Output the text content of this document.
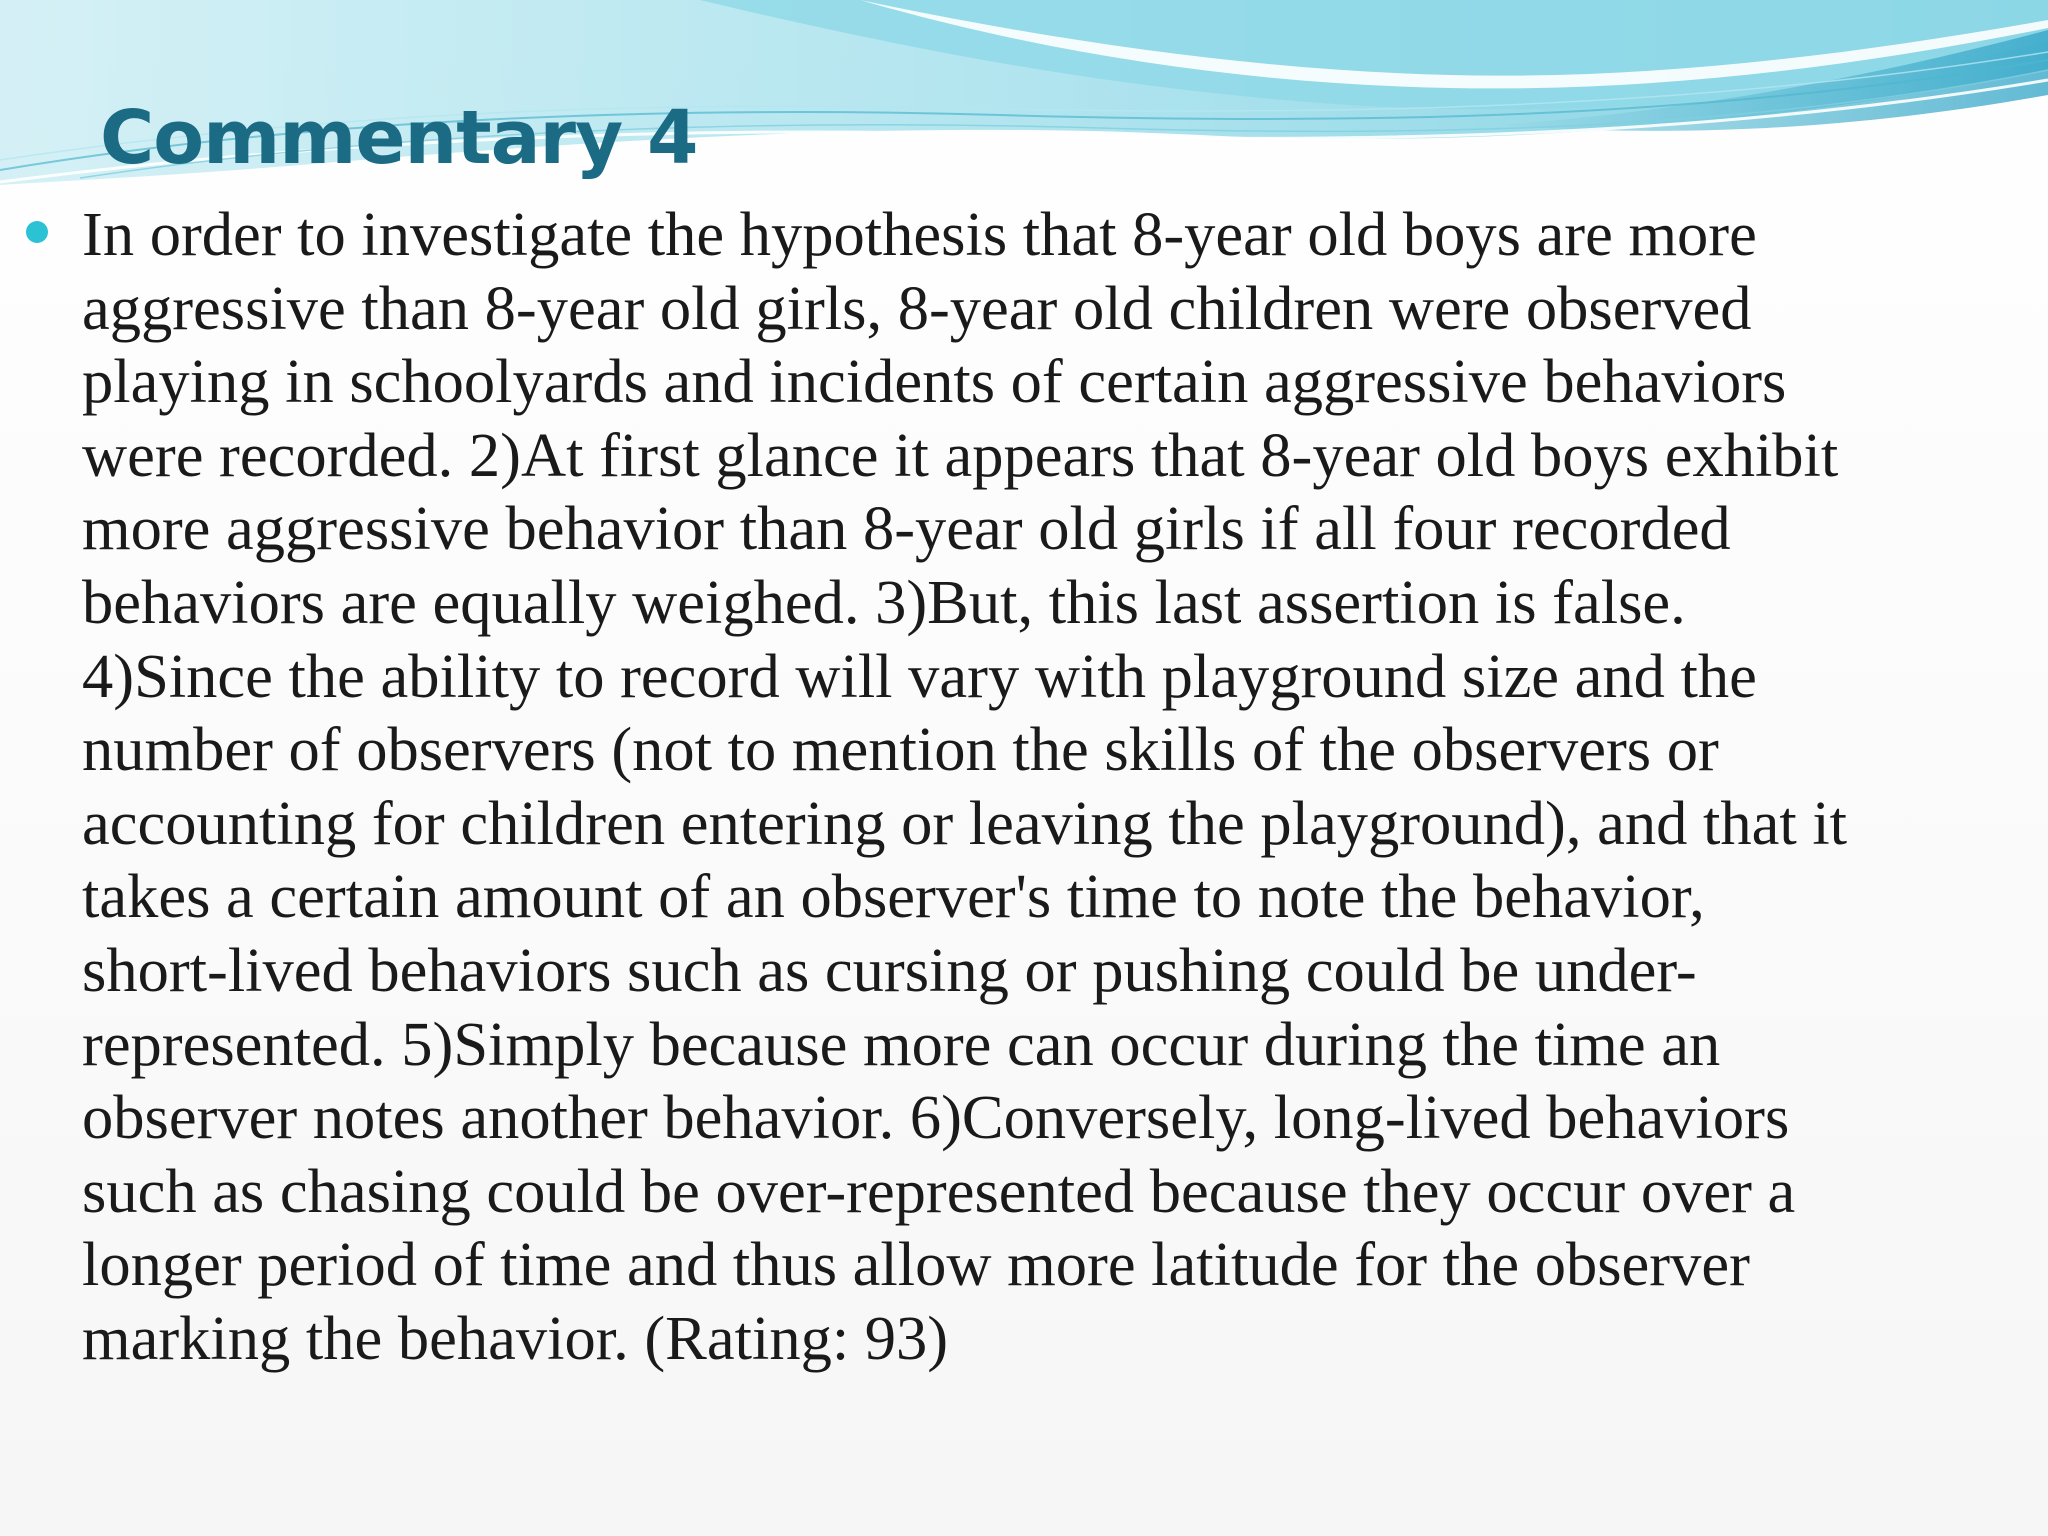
Commentary 4
In order to investigate the hypothesis that 8-year old boys are more
aggressive than 8-year old girls, 8-year old children were observed
playing in schoolyards and incidents of certain aggressive behaviors
were recorded. 2)At first glance it appears that 8-year old boys exhibit
more aggressive behavior than 8-year old girls if all four recorded
behaviors are equally weighed. 3)But, this last assertion is false.
4)Since the ability to record will vary with playground size and the
number of observers (not to mention the skills of the observers or
accounting for children entering or leaving the playground), and that it
takes a certain amount of an observer's time to note the behavior,
short-lived behaviors such as cursing or pushing could be under-
represented. 5)Simply because more can occur during the time an
observer notes another behavior. 6)Conversely, long-lived behaviors
such as chasing could be over-represented because they occur over a
longer period of time and thus allow more latitude for the observer
marking the behavior. (Rating: 93)
